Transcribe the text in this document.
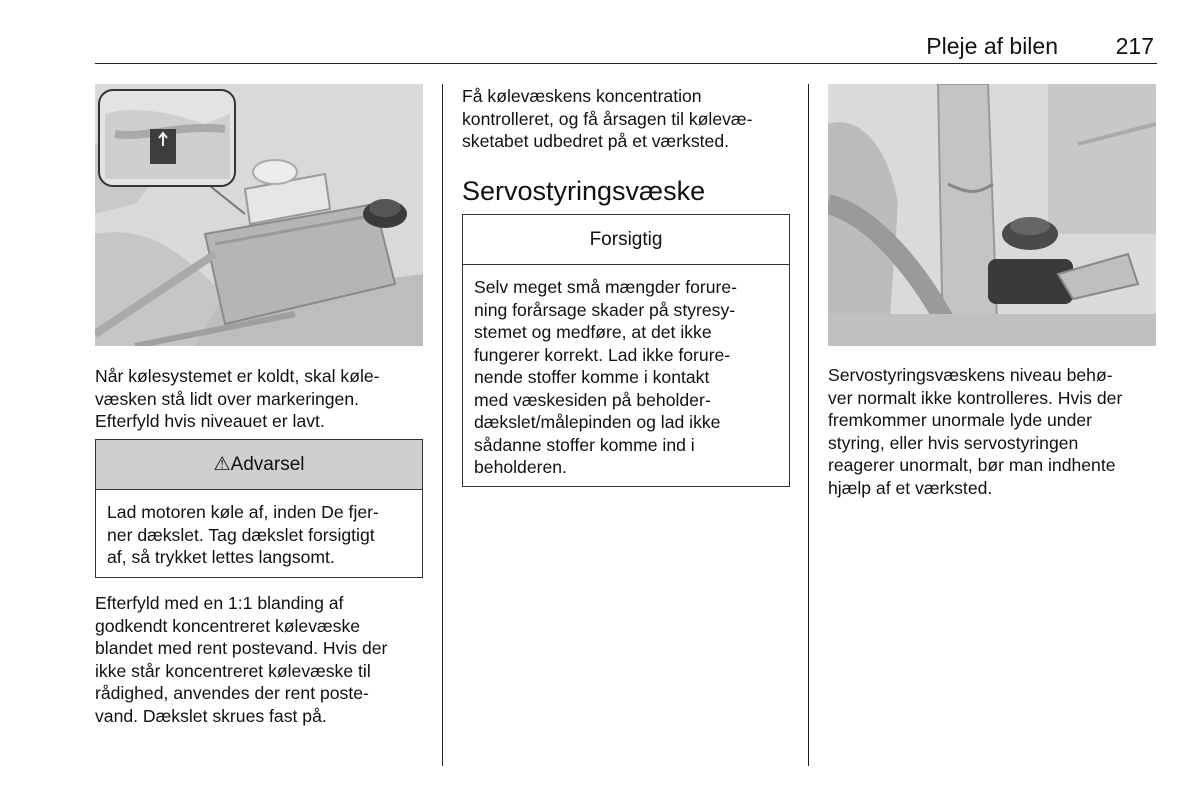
Pleje af bilen	217

Når kølesystemet er koldt, skal køle-
væsken stå lidt over markeringen.
Efterfyld hvis niveauet er lavt.

⚠Advarsel
Lad motoren køle af, inden De fjer-
ner dækslet. Tag dækslet forsigtigt
af, så trykket lettes langsomt.

Efterfyld med en 1:1 blanding af
godkendt koncentreret kølevæske
blandet med rent postevand. Hvis der
ikke står koncentreret kølevæske til
rådighed, anvendes der rent poste-
vand. Dækslet skrues fast på.

Få kølevæskens koncentration
kontrolleret, og få årsagen til kølevæ-
sketabet udbedret på et værksted.

Servostyringsvæske
Forsigtig
Selv meget små mængder forure-
ning forårsage skader på styresy-
stemet og medføre, at det ikke
fungerer korrekt. Lad ikke forure-
nende stoffer komme i kontakt
med væskesiden på beholder-
dækslet/målepinden og lad ikke
sådanne stoffer komme ind i
beholderen.

Servostyringsvæskens niveau behø-
ver normalt ikke kontrolleres. Hvis der
fremkommer unormale lyde under
styring, eller hvis servostyringen
reagerer unormalt, bør man indhente
hjælp af et værksted.
